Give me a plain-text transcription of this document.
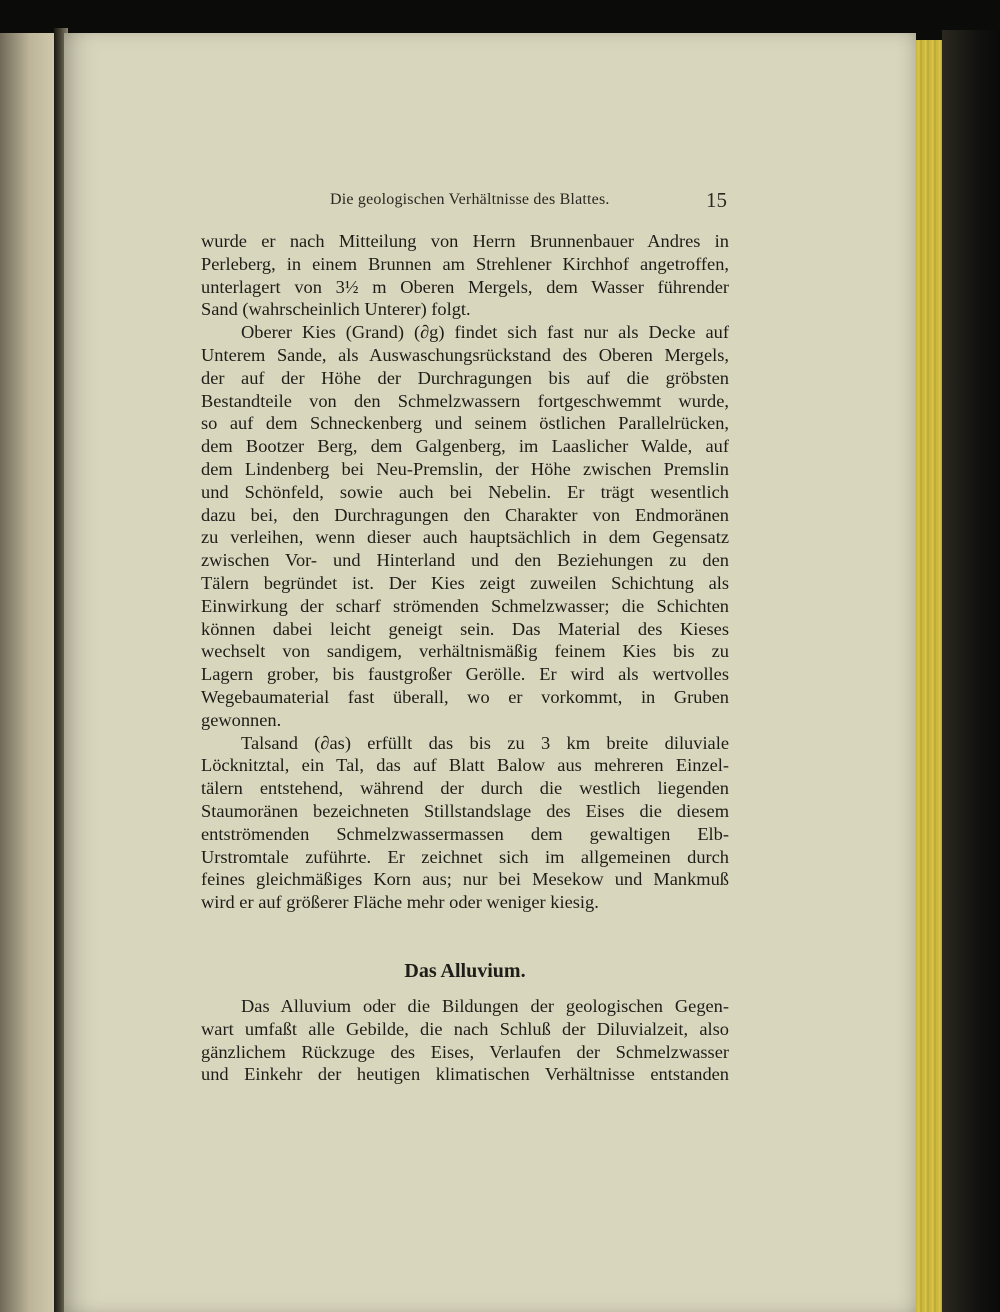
Die geologischen Verhältnisse des Blattes.	15
wurde er nach Mitteilung von Herrn Brunnenbauer Andres in
Perleberg, in einem Brunnen am Strehlener Kirchhof angetroffen,
unterlagert von 3½ m Oberen Mergels, dem Wasser führender
Sand (wahrscheinlich Unterer) folgt.
Oberer Kies (Grand) (∂g) findet sich fast nur als Decke auf
Unterem Sande, als Auswaschungsrückstand des Oberen Mergels,
der auf der Höhe der Durchragungen bis auf die gröbsten
Bestandteile von den Schmelzwassern fortgeschwemmt wurde,
so auf dem Schneckenberg und seinem östlichen Parallelrücken,
dem Bootzer Berg, dem Galgenberg, im Laaslicher Walde, auf
dem Lindenberg bei Neu-Premslin, der Höhe zwischen Premslin
und Schönfeld, sowie auch bei Nebelin. Er trägt wesentlich
dazu bei, den Durchragungen den Charakter von Endmoränen
zu verleihen, wenn dieser auch hauptsächlich in dem Gegensatz
zwischen Vor- und Hinterland und den Beziehungen zu den
Tälern begründet ist. Der Kies zeigt zuweilen Schichtung als
Einwirkung der scharf strömenden Schmelzwasser; die Schichten
können dabei leicht geneigt sein. Das Material des Kieses
wechselt von sandigem, verhältnismäßig feinem Kies bis zu
Lagern grober, bis faustgroßer Gerölle. Er wird als wertvolles
Wegebaumaterial fast überall, wo er vorkommt, in Gruben
gewonnen.
Talsand (∂as) erfüllt das bis zu 3 km breite diluviale
Löcknitztal, ein Tal, das auf Blatt Balow aus mehreren Einzel-
tälern entstehend, während der durch die westlich liegenden
Staumoränen bezeichneten Stillstandslage des Eises die diesem
entströmenden Schmelzwassermassen dem gewaltigen Elb-
Urstromtale zuführte. Er zeichnet sich im allgemeinen durch
feines gleichmäßiges Korn aus; nur bei Mesekow und Mankmuß
wird er auf größerer Fläche mehr oder weniger kiesig.
Das Alluvium.
Das Alluvium oder die Bildungen der geologischen Gegen-
wart umfaßt alle Gebilde, die nach Schluß der Diluvialzeit, also
gänzlichem Rückzuge des Eises, Verlaufen der Schmelzwasser
und Einkehr der heutigen klimatischen Verhältnisse entstanden
